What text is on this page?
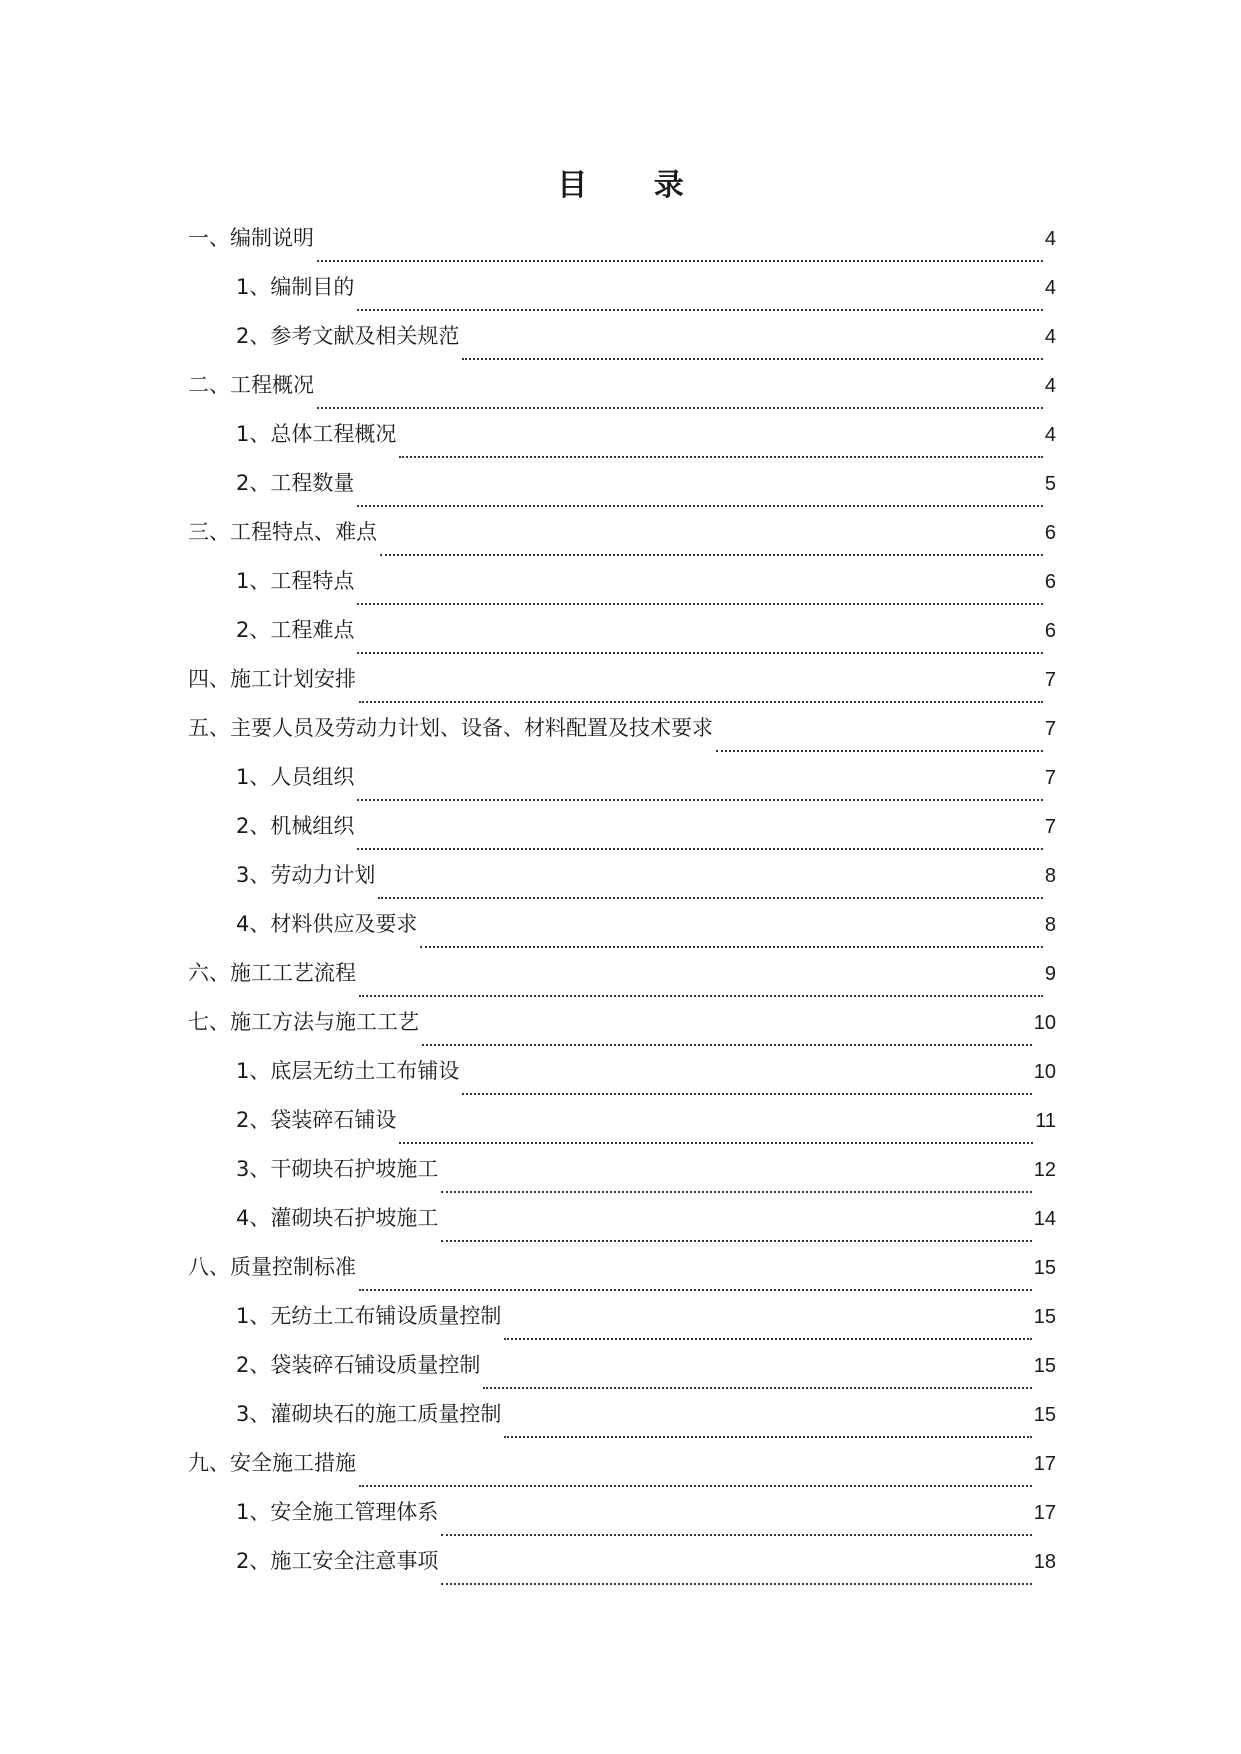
目 录
一、编制说明	4
1、编制目的	4
2、参考文献及相关规范	4
二、工程概况	4
1、总体工程概况	4
2、工程数量	5
三、工程特点、难点	6
1、工程特点	6
2、工程难点	6
四、施工计划安排	7
五、主要人员及劳动力计划、设备、材料配置及技术要求	7
1、人员组织	7
2、机械组织	7
3、劳动力计划	8
4、材料供应及要求	8
六、施工工艺流程	9
七、施工方法与施工工艺	10
1、底层无纺土工布铺设	10
2、袋装碎石铺设	11
3、干砌块石护坡施工	12
4、灌砌块石护坡施工	14
八、质量控制标准	15
1、无纺土工布铺设质量控制	15
2、袋装碎石铺设质量控制	15
3、灌砌块石的施工质量控制	15
九、安全施工措施	17
1、安全施工管理体系	17
2、施工安全注意事项	18
